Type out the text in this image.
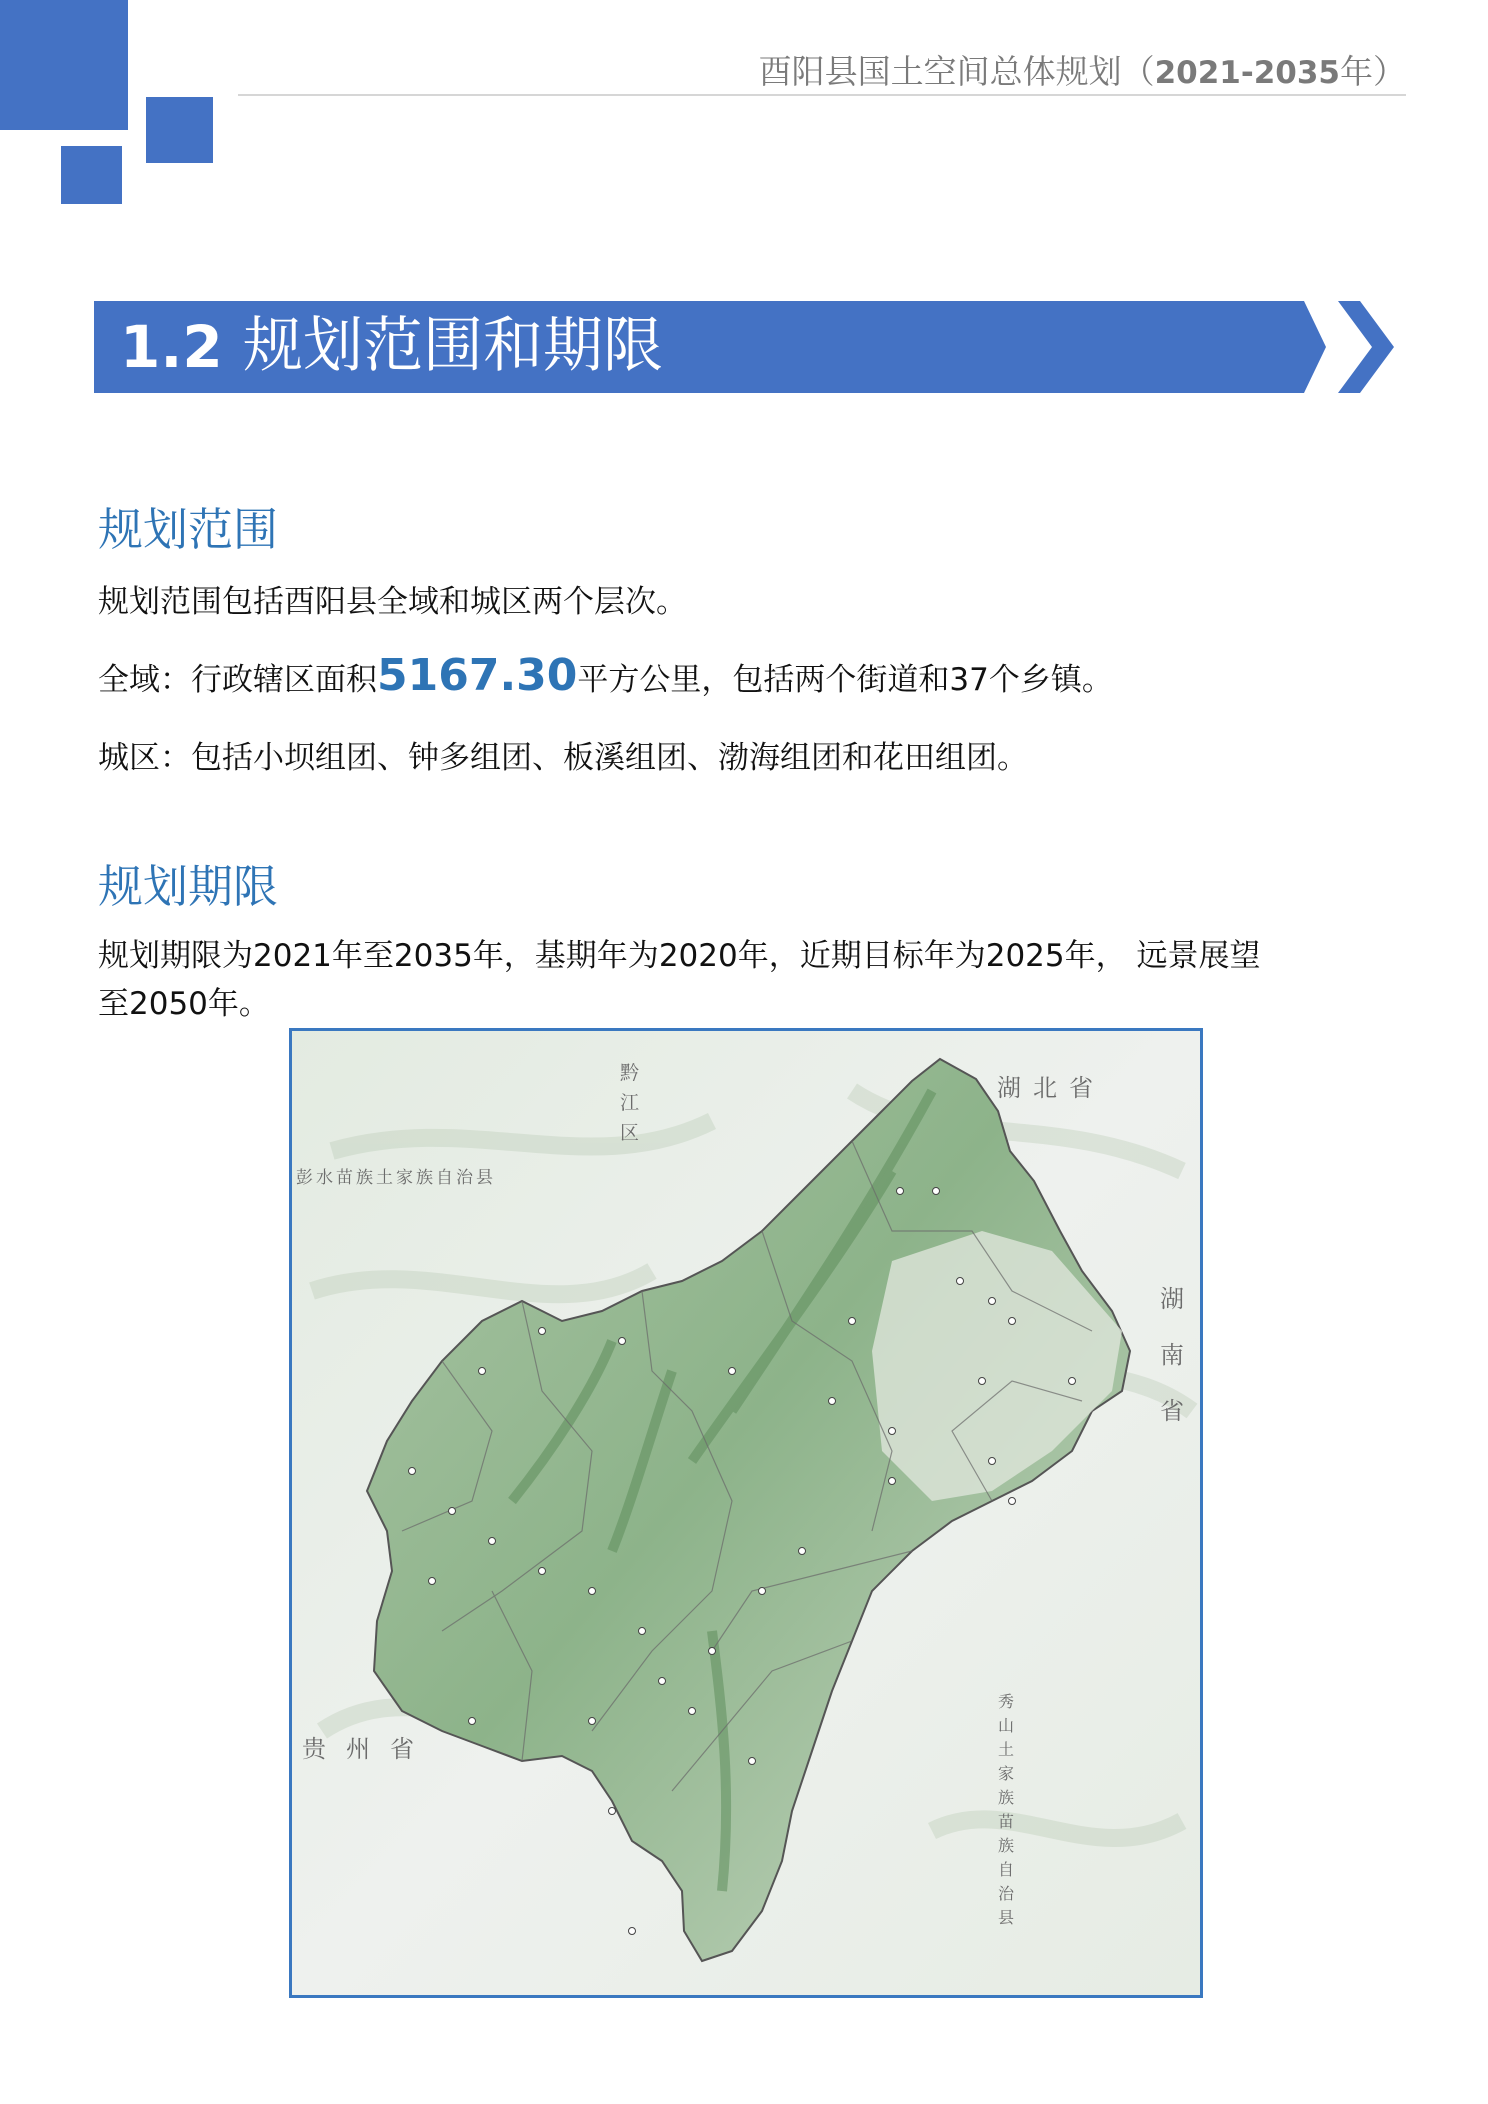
酉阳县国土空间总体规划（2021-2035年）
1.2 规划范围和期限
规划范围
规划范围包括酉阳县全域和城区两个层次。
全域：行政辖区面积5167.30平方公里，包括两个街道和37个乡镇。
城区：包括小坝组团、钟多组团、板溪组团、渤海组团和花田组团。
规划期限
规划期限为2021年至2035年，基期年为2020年，近期目标年为2025年， 远景展望
至2050年。
黔
江
区
彭水苗族土家族自治县
湖北省
湖
南
省
贵州省
秀
山
土
家
族
苗
族
自
治
县
